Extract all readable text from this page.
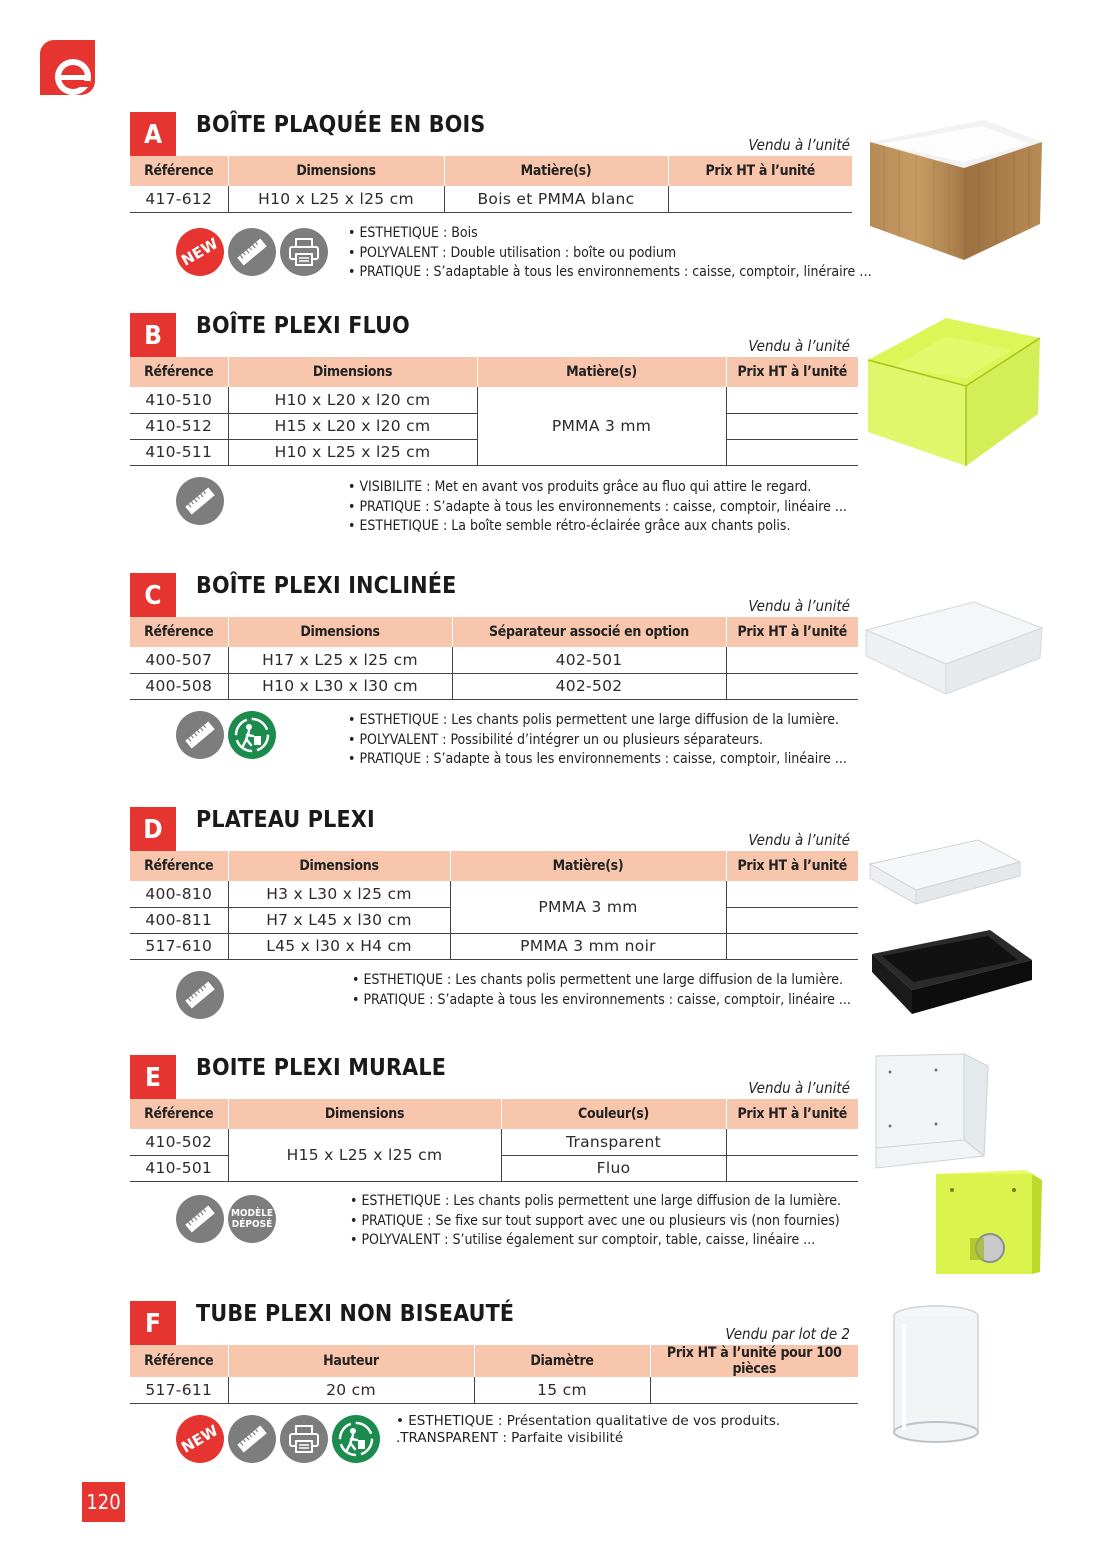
A	BOÎTE PLAQUÉE EN BOIS
Vendu à l’unité
Référence	Dimensions	Matière(s)	Prix HT à l’unité
417-612	H10 x L25 x l25 cm	Bois et PMMA blanc	
NEW
• ESTHETIQUE : Bois
• POLYVALENT : Double utilisation : boîte ou podium
• PRATIQUE : S’adaptable à tous les environnements : caisse, comptoir, linéraire …
B	BOÎTE PLEXI FLUO
Vendu à l’unité
Référence	Dimensions	Matière(s)	Prix HT à l’unité
410-510	H10 x L20 x l20 cm	PMMA 3 mm	
410-512	H15 x L20 x l20 cm		
410-511	H10 x L25 x l25 cm		
• VISIBILITE : Met en avant vos produits grâce au fluo qui attire le regard.
• PRATIQUE : S’adapte à tous les environnements : caisse, comptoir, linéaire ...
• ESTHETIQUE : La boîte semble rétro-éclairée grâce aux chants polis.
C	BOÎTE PLEXI INCLINÉE
Vendu à l’unité
Référence	Dimensions	Séparateur associé en option	Prix HT à l’unité
400-507	H17 x L25 x l25 cm	402-501	
400-508	H10 x L30 x l30 cm	402-502	
• ESTHETIQUE : Les chants polis permettent une large diffusion de la lumière.
• POLYVALENT : Possibilité d’intégrer un ou plusieurs séparateurs.
• PRATIQUE : S’adapte à tous les environnements : caisse, comptoir, linéaire ...
D	PLATEAU PLEXI
Vendu à l’unité
Référence	Dimensions	Matière(s)	Prix HT à l’unité
400-810	H3 x L30 x l25 cm	PMMA 3 mm	
400-811	H7 x L45 x l30 cm		
517-610	L45 x l30 x H4 cm	PMMA 3 mm noir	
• ESTHETIQUE : Les chants polis permettent une large diffusion de la lumière.
• PRATIQUE : S’adapte à tous les environnements : caisse, comptoir, linéaire ...
E	BOITE PLEXI MURALE
Vendu à l’unité
Référence	Dimensions	Couleur(s)	Prix HT à l’unité
410-502	H15 x L25 x l25 cm	Transparent	
410-501		Fluo	
MODÈLE
DÉPOSÉ
• ESTHETIQUE : Les chants polis permettent une large diffusion de la lumière.
• PRATIQUE : Se fixe sur tout support avec une ou plusieurs vis (non fournies)
• POLYVALENT : S’utilise également sur comptoir, table, caisse, linéaire ...
F	TUBE PLEXI NON BISEAUTÉ
Vendu par lot de 2
Référence	Hauteur	Diamètre	Prix HT à l’unité pour 100 pièces
517-611	20 cm	15 cm	
NEW
• ESTHETIQUE : Présentation qualitative de vos produits.
.TRANSPARENT : Parfaite visibilité
120
